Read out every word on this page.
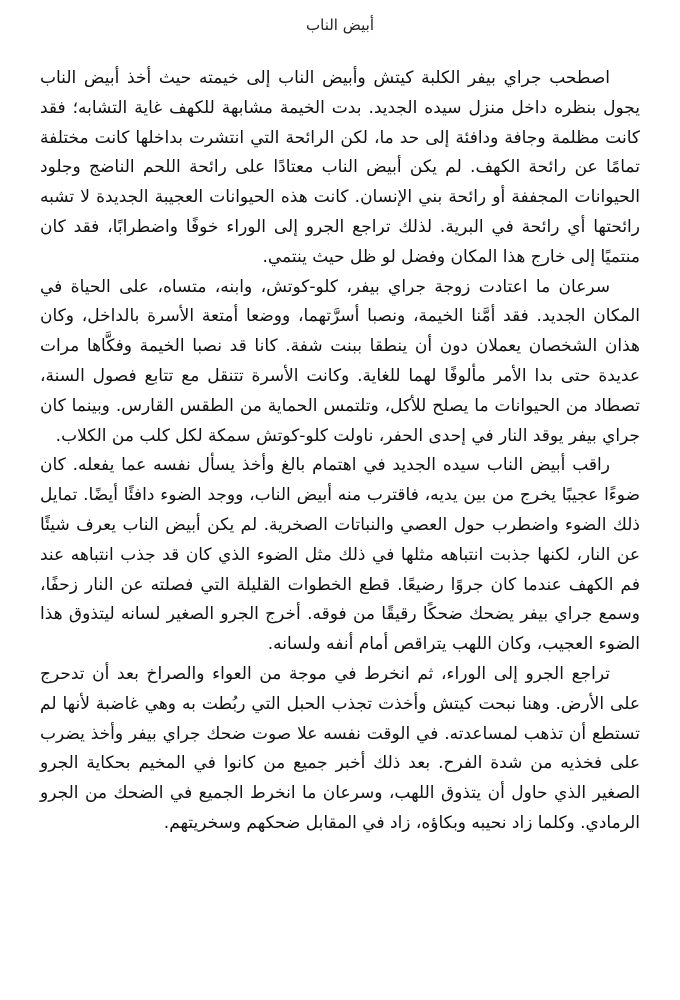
أبيض الناب

اصطحب جراي بيفر الكلبة كيتش وأبيض الناب إلى خيمته حيث أخذ أبيض الناب يجول بنظره داخل منزل سيده الجديد. بدت الخيمة مشابهة للكهف غاية التشابه؛ فقد كانت مظلمة وجافة ودافئة إلى حد ما، لكن الرائحة التي انتشرت بداخلها كانت مختلفة تمامًا عن رائحة الكهف. لم يكن أبيض الناب معتادًا على رائحة اللحم الناضج وجلود الحيوانات المجففة أو رائحة بني الإنسان. كانت هذه الحيوانات العجيبة الجديدة لا تشبه رائحتها أي رائحة في البرية. لذلك تراجع الجرو إلى الوراء خوفًا واضطرابًا، فقد كان منتميًا إلى خارج هذا المكان وفضل لو ظل حيث ينتمي.

سرعان ما اعتادت زوجة جراي بيفر، كلو-كوتش، وابنه، متساه، على الحياة في المكان الجديد. فقد أمَّنا الخيمة، ونصبا أسرَّتهما، ووضعا أمتعة الأسرة بالداخل، وكان هذان الشخصان يعملان دون أن ينطقا ببنت شفة. كانا قد نصبا الخيمة وفكَّاها مرات عديدة حتى بدا الأمر مألوفًا لهما للغاية. وكانت الأسرة تتنقل مع تتابع فصول السنة، تصطاد من الحيوانات ما يصلح للأكل، وتلتمس الحماية من الطقس القارس. وبينما كان جراي بيفر يوقد النار في إحدى الحفر، ناولت كلو-كوتش سمكة لكل كلب من الكلاب.

راقب أبيض الناب سيده الجديد في اهتمام بالغ وأخذ يسأل نفسه عما يفعله. كان ضوءًا عجيبًا يخرج من بين يديه، فاقترب منه أبيض الناب، ووجد الضوء دافئًا أيضًا. تمايل ذلك الضوء واضطرب حول العصي والنباتات الصخرية. لم يكن أبيض الناب يعرف شيئًا عن النار، لكنها جذبت انتباهه مثلها في ذلك مثل الضوء الذي كان قد جذب انتباهه عند فم الكهف عندما كان جروًا رضيعًا. قطع الخطوات القليلة التي فصلته عن النار زحفًا، وسمع جراي بيفر يضحك ضحكًا رقيقًا من فوقه. أخرج الجرو الصغير لسانه ليتذوق هذا الضوء العجيب، وكان اللهب يتراقص أمام أنفه ولسانه.

تراجع الجرو إلى الوراء، ثم انخرط في موجة من العواء والصراخ بعد أن تدحرج على الأرض. وهنا نبحت كيتش وأخذت تجذب الحبل التي ربُطت به وهي غاضبة لأنها لم تستطع أن تذهب لمساعدته. في الوقت نفسه علا صوت ضحك جراي بيفر وأخذ يضرب على فخذيه من شدة الفرح. بعد ذلك أخبر جميع من كانوا في المخيم بحكاية الجرو الصغير الذي حاول أن يتذوق اللهب، وسرعان ما انخرط الجميع في الضحك من الجرو الرمادي. وكلما زاد نحيبه وبكاؤه، زاد في المقابل ضحكهم وسخريتهم.
